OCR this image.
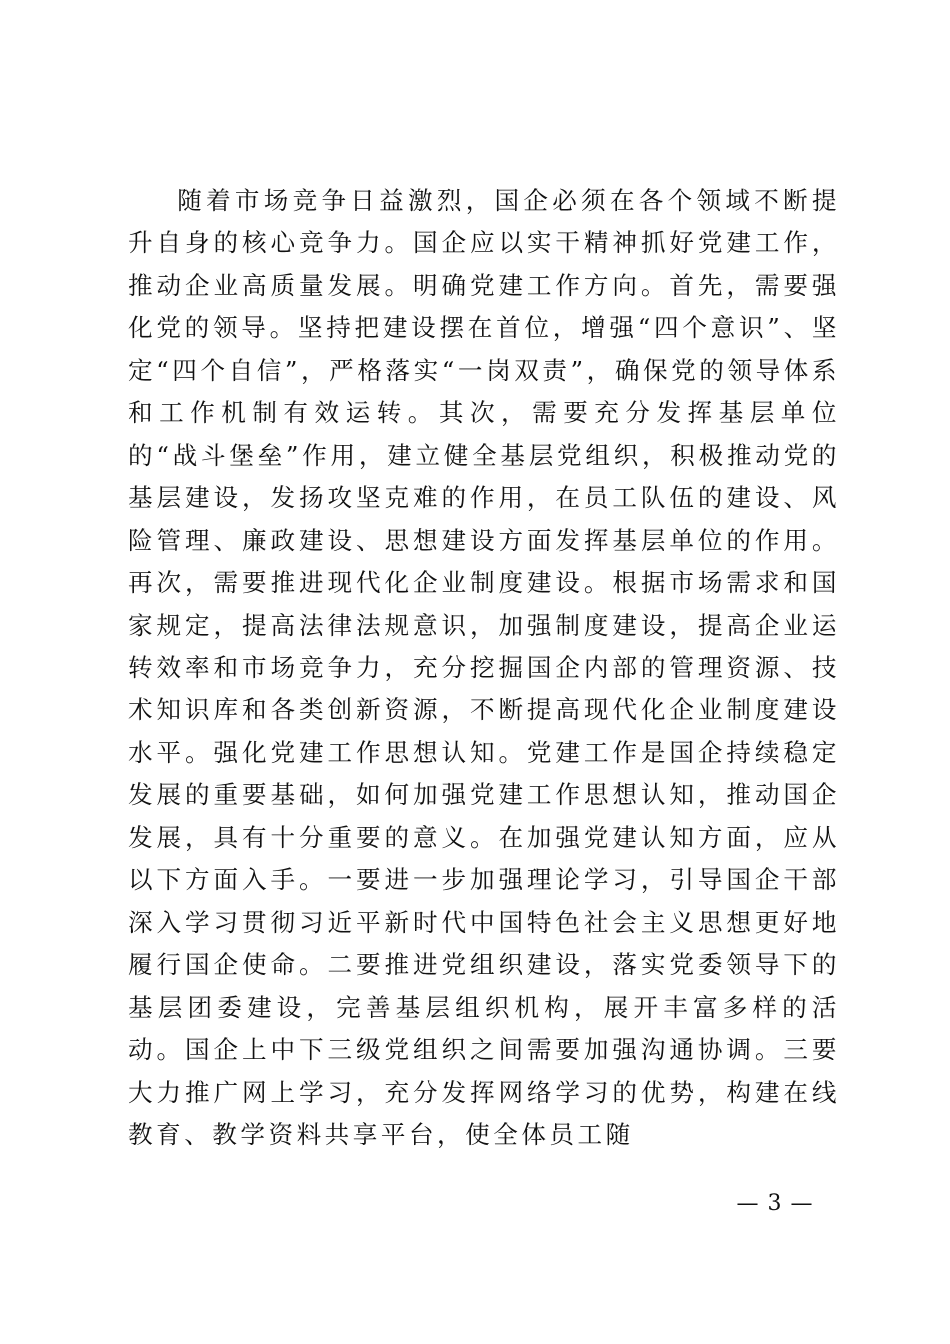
随着市场竞争日益激烈，国企必须在各个领域不断提升自身的核心竞争力。国企应以实干精神抓好党建工作，推动企业高质量发展。明确党建工作方向。首先，需要强化党的领导。坚持把建设摆在首位，增强“四个意识”、坚定“四个自信”，严格落实“一岗双责”，确保党的领导体系和工作机制有效运转。其次，需要充分发挥基层单位的“战斗堡垒”作用，建立健全基层党组织，积极推动党的基层建设，发扬攻坚克难的作用，在员工队伍的建设、风险管理、廉政建设、思想建设方面发挥基层单位的作用。再次，需要推进现代化企业制度建设。根据市场需求和国家规定，提高法律法规意识，加强制度建设，提高企业运转效率和市场竞争力，充分挖掘国企内部的管理资源、技术知识库和各类创新资源，不断提高现代化企业制度建设水平。强化党建工作思想认知。党建工作是国企持续稳定发展的重要基础，如何加强党建工作思想认知，推动国企发展，具有十分重要的意义。在加强党建认知方面，应从以下方面入手。一要进一步加强理论学习，引导国企干部深入学习贯彻习近平新时代中国特色社会主义思想更好地履行国企使命。二要推进党组织建设，落实党委领导下的基层团委建设，完善基层组织机构，展开丰富多样的活动。国企上中下三级党组织之间需要加强沟通协调。三要大力推广网上学习，充分发挥网络学习的优势，构建在线教育、教学资料共享平台，使全体员工随

— 3 —
